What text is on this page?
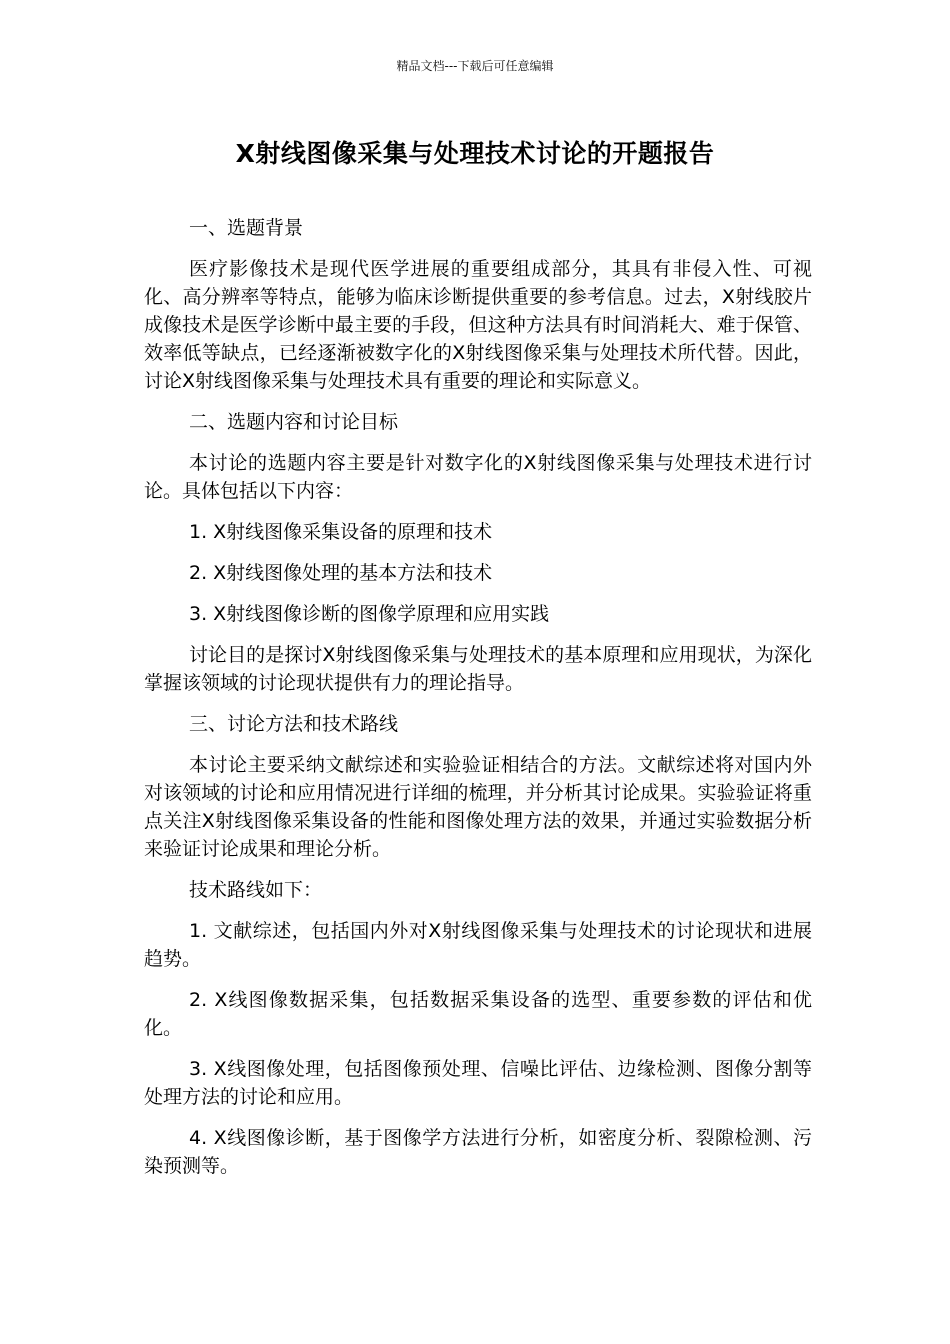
精品文档---下载后可任意编辑
X射线图像采集与处理技术讨论的开题报告

一、选题背景

医疗影像技术是现代医学进展的重要组成部分，其具有非侵入性、可视化、高分辨率等特点，能够为临床诊断提供重要的参考信息。过去，X射线胶片成像技术是医学诊断中最主要的手段，但这种方法具有时间消耗大、难于保管、效率低等缺点，已经逐渐被数字化的X射线图像采集与处理技术所代替。因此，讨论X射线图像采集与处理技术具有重要的理论和实际意义。

二、选题内容和讨论目标

本讨论的选题内容主要是针对数字化的X射线图像采集与处理技术进行讨论。具体包括以下内容：

1. X射线图像采集设备的原理和技术

2. X射线图像处理的基本方法和技术

3. X射线图像诊断的图像学原理和应用实践

讨论目的是探讨X射线图像采集与处理技术的基本原理和应用现状，为深化掌握该领域的讨论现状提供有力的理论指导。

三、讨论方法和技术路线

本讨论主要采纳文献综述和实验验证相结合的方法。文献综述将对国内外对该领域的讨论和应用情况进行详细的梳理，并分析其讨论成果。实验验证将重点关注X射线图像采集设备的性能和图像处理方法的效果，并通过实验数据分析来验证讨论成果和理论分析。

技术路线如下：

1. 文献综述，包括国内外对X射线图像采集与处理技术的讨论现状和进展趋势。

2. X线图像数据采集，包括数据采集设备的选型、重要参数的评估和优化。

3. X线图像处理，包括图像预处理、信噪比评估、边缘检测、图像分割等处理方法的讨论和应用。

4. X线图像诊断，基于图像学方法进行分析，如密度分析、裂隙检测、污染预测等。
